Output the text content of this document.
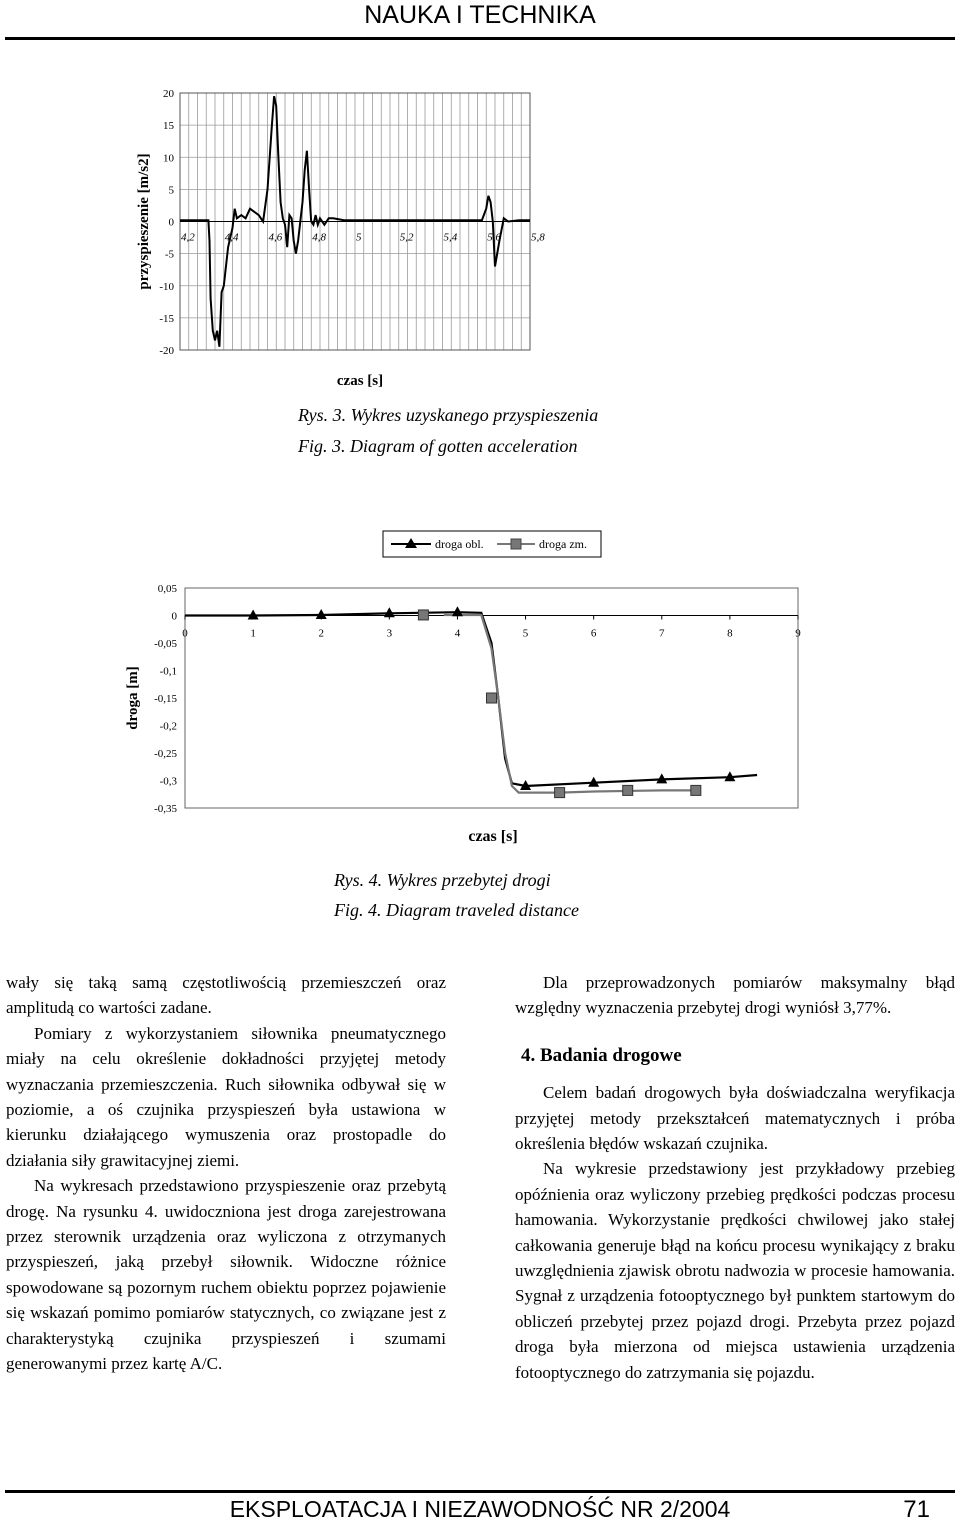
NAUKA I TECHNIKA
20
15
10
5
0
-5
-10
-15
-20
4,2	4,4	4,6	4,8	5	5,2	5,4	5,6	5,8
przyspieszenie [m/s2]
czas [s]
Rys. 3. Wykres uzyskanego przyspieszenia
Fig. 3. Diagram of gotten acceleration
droga obl.	droga zm.
0,05
0
-0,05
-0,1
-0,15
-0,2
-0,25
-0,3
-0,35
0	1	2	3	4	5	6	7	8	9
droga [m]
czas [s]
Rys. 4. Wykres przebytej drogi
Fig. 4. Diagram traveled distance

wały się taką samą częstotliwością przemieszczeń oraz amplitudą co wartości zadane.

Pomiary z wykorzystaniem siłownika pneumatycznego miały na celu określenie dokładności przyjętej metody wyznaczania przemieszczenia. Ruch siłownika odbywał się w poziomie, a oś czujnika przyspieszeń była ustawiona w kierunku działającego wymuszenia oraz prostopadle do działania siły grawitacyjnej ziemi.

Na wykresach przedstawiono przyspieszenie oraz przebytą drogę. Na rysunku 4. uwidoczniona jest droga zarejestrowana przez sterownik urządzenia oraz wyliczona z otrzymanych przyspieszeń, jaką przebył siłownik. Widoczne różnice spowodowane są pozornym ruchem obiektu poprzez pojawienie się wskazań pomimo pomiarów statycznych, co związane jest z charakterystyką czujnika przyspieszeń i szumami generowanymi przez kartę A/C.

Dla przeprowadzonych pomiarów maksymalny błąd względny wyznaczenia przebytej drogi wyniósł 3,77%.

4. Badania drogowe

Celem badań drogowych była doświadczalna weryfikacja przyjętej metody przekształceń matematycznych i próba określenia błędów wskazań czujnika.

Na wykresie przedstawiony jest przykładowy przebieg opóźnienia oraz wyliczony przebieg prędkości podczas procesu hamowania. Wykorzystanie prędkości chwilowej jako stałej całkowania generuje błąd na końcu procesu wynikający z braku uwzględnienia zjawisk obrotu nadwozia w procesie hamowania. Sygnał z urządzenia fotooptycznego był punktem startowym do obliczeń przebytej przez pojazd drogi. Przebyta przez pojazd droga była mierzona od miejsca ustawienia urządzenia fotooptycznego do zatrzymania się pojazdu.

EKSPLOATACJA I NIEZAWODNOŚĆ NR 2/2004	71
